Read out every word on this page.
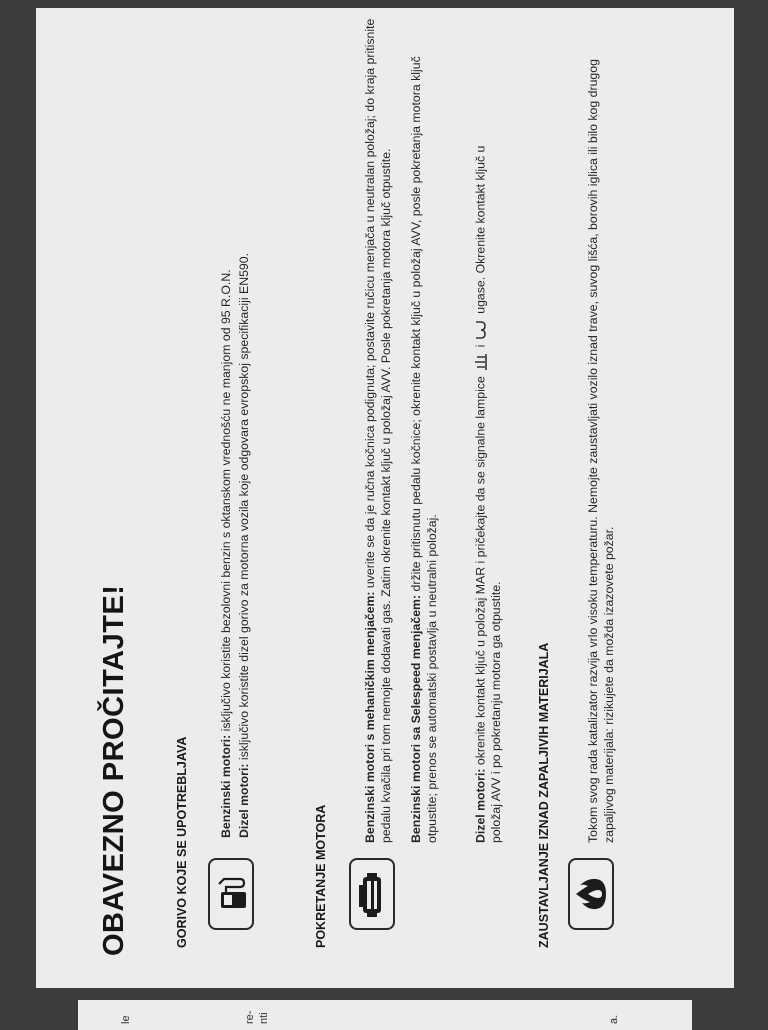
OBAVEZNO PROČITAJTE!	GORIVO KOJE SE UPOTREBLJAVA Benzinski motori: isključivo koristite bezolovni benzin s oktanskom vrednošću ne manjom od 95 R.O.N.
Dizel motori: isključivo koristite dizel gorivo za motorna vozila koje odgovara evropskoj specifikaciji EN590.
POKRETANJE MOTORA
Benzinski motori s mehaničkim menjačem: uverite se da je ručna kočnica podignuta; postavite ručicu menjača u neutralan položaj; do kraja pritisnite pedalu kvačila pri tom nemojte dodavati gas. Zatim okrenite kontakt ključ u položaj AVV. Posle pokretanja motora ključ otpustite. Benzinski motori sa Selespeed menjačem: držite pritisnutu pedalu kočnice; okrenite kontakt ključ u položaj AVV, posle pokretanja motora ključ otpustite; prenos se automatski postavlja u neutralni položaj.	Dizel motori: okrenite kontakt ključ u položaj MAR i pričekajte da se signalne lampice  i  ugase. Okrenite kontakt ključ u položaj AVV i po pokretanju motora ga otpustite.	ZAUSTAVLJANJE IZNAD ZAPALJIVIH MATERIJALA	Tokom svog rada katalizator razvija vrlo visoku temperaturu. Nemojte zaustavljati vozilo iznad trave, suvog lišća, borovih iglica ili bilo kog drugog zapaljivog materijala: rizikujete da možda izazovete požar.
le	re- nti	a.
